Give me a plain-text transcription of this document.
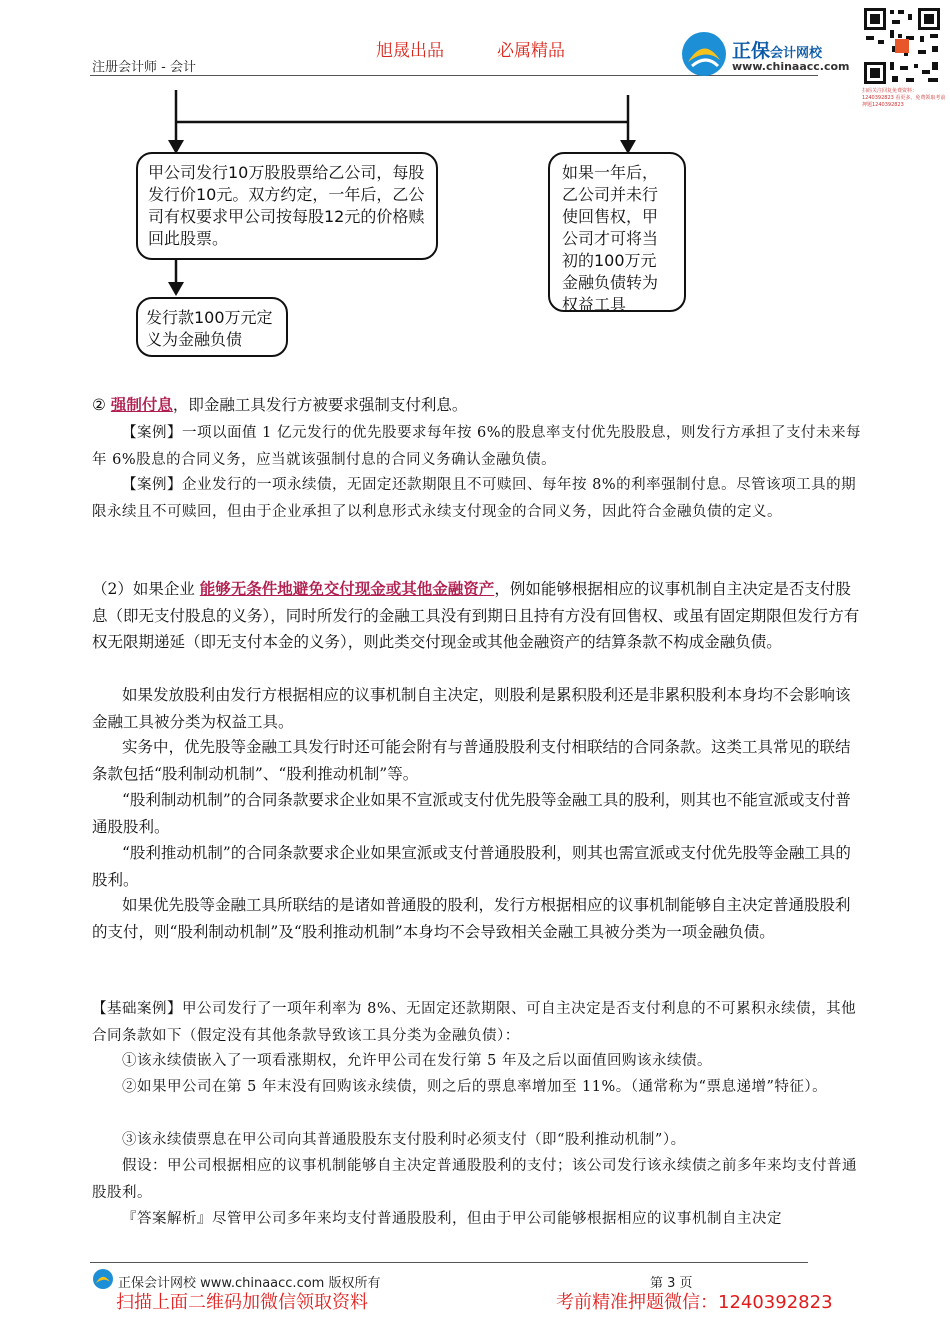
注册会计师 - 会计
旭晟出品	必属精品	正保会计网校
www.chinaacc.com
扫码关注回复免费资料：1240392823 看更多、免费领取考前押题1240392823
甲公司发行10万股股票给乙公司，每股发行价10元。双方约定，一年后，乙公司有权要求甲公司按每股12元的价格赎回此股票。
发行款100万元定义为金融负债
如果一年后，乙公司并未行使回售权，甲公司才可将当初的100万元金融负债转为权益工具
② 强制付息，即金融工具发行方被要求强制支付利息。
【案例】一项以面值 1 亿元发行的优先股要求每年按 6%的股息率支付优先股股息，则发行方承担了支付未来每年 6%股息的合同义务，应当就该强制付息的合同义务确认金融负债。
【案例】企业发行的一项永续债，无固定还款期限且不可赎回、每年按 8%的利率强制付息。尽管该项工具的期限永续且不可赎回，但由于企业承担了以利息形式永续支付现金的合同义务，因此符合金融负债的定义。
（2）如果企业 能够无条件地避免交付现金或其他金融资产，例如能够根据相应的议事机制自主决定是否支付股息（即无支付股息的义务），同时所发行的金融工具没有到期日且持有方没有回售权、或虽有固定期限但发行方有权无限期递延（即无支付本金的义务），则此类交付现金或其他金融资产的结算条款不构成金融负债。
如果发放股利由发行方根据相应的议事机制自主决定，则股利是累积股利还是非累积股利本身均不会影响该金融工具被分类为权益工具。
实务中，优先股等金融工具发行时还可能会附有与普通股股利支付相联结的合同条款。这类工具常见的联结条款包括“股利制动机制”、“股利推动机制”等。
“股利制动机制”的合同条款要求企业如果不宣派或支付优先股等金融工具的股利，则其也不能宣派或支付普通股股利。
“股利推动机制”的合同条款要求企业如果宣派或支付普通股股利，则其也需宣派或支付优先股等金融工具的股利。
如果优先股等金融工具所联结的是诸如普通股的股利，发行方根据相应的议事机制能够自主决定普通股股利的支付，则“股利制动机制”及“股利推动机制”本身均不会导致相关金融工具被分类为一项金融负债。
【基础案例】甲公司发行了一项年利率为 8%、无固定还款期限、可自主决定是否支付利息的不可累积永续债，其他合同条款如下（假定没有其他条款导致该工具分类为金融负债）：
①该永续债嵌入了一项看涨期权，允许甲公司在发行第 5 年及之后以面值回购该永续债。
②如果甲公司在第 5 年末没有回购该永续债，则之后的票息率增加至 11%。（通常称为“票息递增”特征）。
③该永续债票息在甲公司向其普通股股东支付股利时必须支付（即“股利推动机制”）。
假设：甲公司根据相应的议事机制能够自主决定普通股股利的支付；该公司发行该永续债之前多年来均支付普通股股利。
『答案解析』尽管甲公司多年来均支付普通股股利，但由于甲公司能够根据相应的议事机制自主决定
正保会计网校 www.chinaacc.com 版权所有	第 3 页
扫描上面二维码加微信领取资料	考前精准押题微信：1240392823
